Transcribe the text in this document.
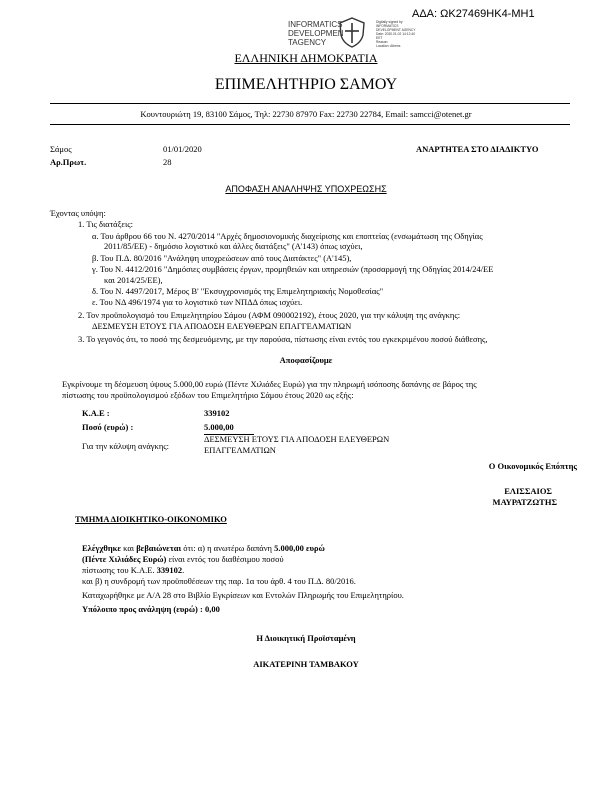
ΑΔΑ: ΩΚ27469ΗΚ4-ΜΗ1
INFORMATICS
DEVELOPMEN
TAGENCY
Digitally signed by
INFORMATICS
DEVELOPMENT AGENCY
Date: 2020.01.02 14:12:40
EET
Reason:
Location: Athens
ΕΛΛΗΝΙΚΗ ΔΗΜΟΚΡΑΤΙΑ
ΕΠΙΜΕΛΗΤΗΡΙΟ ΣΑΜΟΥ
Κουντουριώτη 19, 83100 Σάμος, Τηλ: 22730 87970 Fax: 22730 22784, Email: samcci@otenet.gr
Σάμος	01/01/2020	ΑΝΑΡΤΗΤΕΑ ΣΤΟ ΔΙΑΔΙΚΤΥΟ
Αρ.Πρωτ.	28
ΑΠΟΦΑΣΗ ΑΝΑΛΗΨΗΣ ΥΠΟΧΡΕΩΣΗΣ
Έχοντας υπόψη:
1. Τις διατάξεις:
α. Του άρθρου 66 του Ν. 4270/2014 "Αρχές δημοσιονομικής διαχείρισης και εποπτείας (ενσωμάτωση της Οδηγίας
2011/85/ΕΕ) - δημόσιο λογιστικό και άλλες διατάξεις" (Α'143) όπως ισχύει,
β. Του Π.Δ. 80/2016 "Ανάληψη υποχρεώσεων από τους Διατάκτες" (Α'145),
γ. Του Ν. 4412/2016 "Δημόσιες συμβάσεις έργων, προμηθειών και υπηρεσιών (προσαρμογή της Οδηγίας 2014/24/ΕΕ
και 2014/25/ΕΕ),
δ. Του Ν. 4497/2017, Μέρος Β' "Εκσυγχρονισμός της Επιμελητηριακής Νομοθεσίας"
ε. Του ΝΔ 496/1974 για το λογιστικό των ΝΠΔΔ όπως ισχύει.
2. Τον προϋπολογισμό του Επιμελητηρίου Σάμου (ΑΦΜ 090002192), έτους 2020, για την κάλυψη της ανάγκης:
ΔΕΣΜΕΥΣΗ ΕΤΟΥΣ ΓΙΑ ΑΠΟΔΟΣΗ ΕΛΕΥΘΕΡΩΝ ΕΠΑΓΓΕΛΜΑΤΙΩΝ
3. Το γεγονός ότι, το ποσό της δεσμευόμενης, με την παρούσα, πίστωσης είναι εντός του εγκεκριμένου ποσού διάθεσης,
Αποφασίζουμε
Εγκρίνουμε τη δέσμευση ύψους 5.000,00 ευρώ (Πέντε Χιλιάδες Ευρώ) για την πληρωμή ισόποσης δαπάνης σε βάρος της
πίστωσης του προϋπολογισμού εξόδων του Επιμελητήριο Σάμου έτους 2020 ως εξής:
Κ.Α.Ε :	339102
Ποσό (ευρώ) :	5.000,00
Για την κάλυψη ανάγκης:
ΔΕΣΜΕΥΣΗ ΕΤΟΥΣ ΓΙΑ ΑΠΟΔΟΣΗ ΕΛΕΥΘΕΡΩΝ
ΕΠΑΓΓΕΛΜΑΤΙΩΝ
Ο Οικονομικός Επόπτης
ΕΛΙΣΣΑΙΟΣ
ΜΑΥΡΑΤΖΩΤΗΣ
ΤΜΗΜΑ ΔΙΟΙΚΗΤΙΚΟ-ΟΙΚΟΝΟΜΙΚΟ
Ελέγχθηκε και βεβαιώνεται ότι: α) η ανωτέρω δαπάνη 5.000,00 ευρώ
(Πέντε Χιλιάδες Ευρώ) είναι εντός του διαθέσιμου ποσού
πίστωσης του Κ.Α.Ε. 339102.
και β) η συνδρομή των προϋποθέσεων της παρ. 1α του άρθ. 4 του Π.Δ. 80/2016.
Καταχωρήθηκε με Α/Α 28 στο Βιβλίο Εγκρίσεων και Εντολών Πληρωμής του Επιμελητηρίου.
Υπόλοιπο προς ανάληψη (ευρώ) : 0,00
Η Διοικητική Προϊσταμένη
ΑΙΚΑΤΕΡΙΝΗ ΤΑΜΒΑΚΟΥ
